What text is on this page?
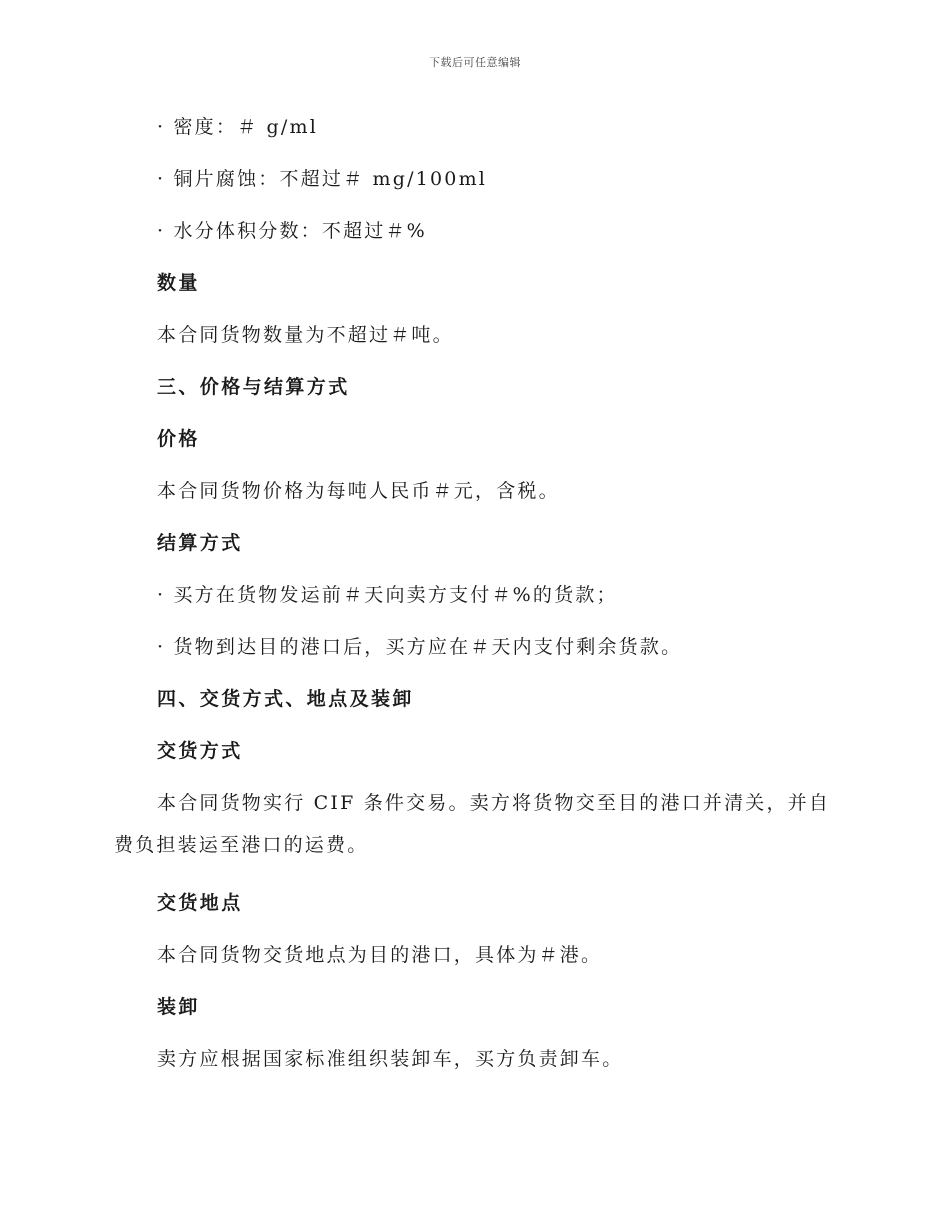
下载后可任意编辑
· 密度：＃ g/ml
· 铜片腐蚀：不超过＃ mg/100ml
· 水分体积分数：不超过＃%
数量
本合同货物数量为不超过＃吨。
三、价格与结算方式
价格
本合同货物价格为每吨人民币＃元，含税。
结算方式
· 买方在货物发运前＃天向卖方支付＃%的货款；
· 货物到达目的港口后，买方应在＃天内支付剩余货款。
四、交货方式、地点及装卸
交货方式
本合同货物实行 CIF 条件交易。卖方将货物交至目的港口并清关，并自费负担装运至港口的运费。
交货地点
本合同货物交货地点为目的港口，具体为＃港。
装卸
卖方应根据国家标准组织装卸车，买方负责卸车。
